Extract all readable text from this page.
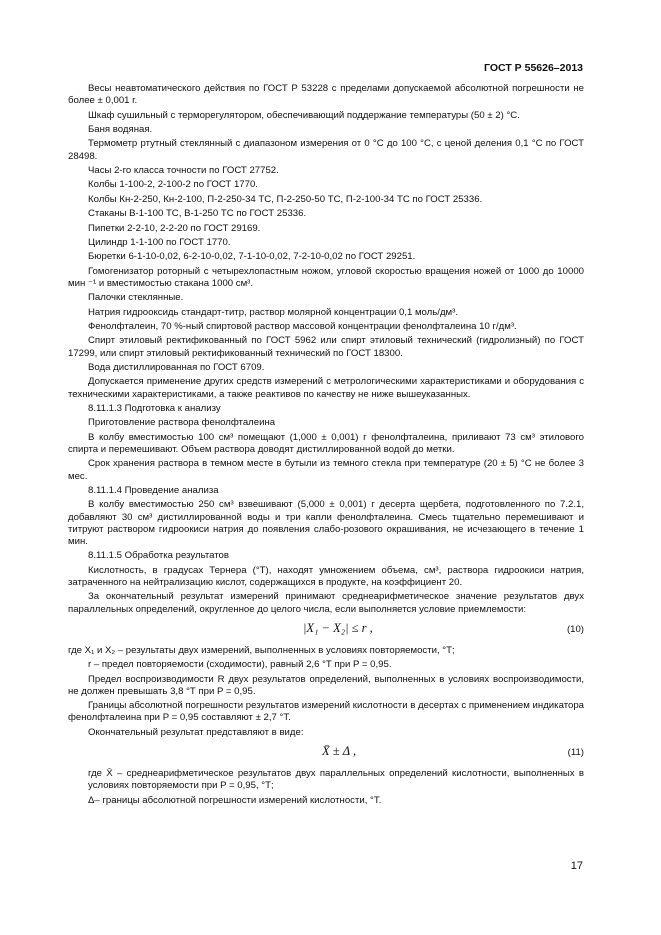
ГОСТ Р 55626–2013

Весы неавтоматического действия по ГОСТ Р 53228 с пределами допускаемой абсолютной погрешности не более ± 0,001 г.

Шкаф сушильный с терморегулятором, обеспечивающий поддержание температуры (50 ± 2) °С.

Баня водяная.

Термометр ртутный стеклянный с диапазоном измерения от 0 °С до 100 °С, с ценой деления 0,1 °С по ГОСТ 28498.

Часы 2-го класса точности по ГОСТ 27752.

Колбы 1-100-2, 2-100-2 по ГОСТ 1770.

Колбы Кн-2-250, Кн-2-100, П-2-250-34 ТС, П-2-250-50 ТС, П-2-100-34 ТС по ГОСТ 25336.

Стаканы В-1-100 ТС, В-1-250 ТС по ГОСТ 25336.

Пипетки 2-2-10, 2-2-20 по ГОСТ 29169.

Цилиндр 1-1-100 по ГОСТ 1770.

Бюретки 6-1-10-0,02, 6-2-10-0,02, 7-1-10-0,02, 7-2-10-0,02 по ГОСТ 29251.

Гомогенизатор роторный с четырехлопастным ножом, угловой скоростью вращения ножей от 1000 до 10000 мин ⁻¹ и вместимостью стакана 1000 см³.

Палочки стеклянные.

Натрия гидрооксидь стандарт-титр, раствор молярной концентрации 0,1 моль/дм³.

Фенолфталеин, 70 %-ный спиртовой раствор массовой концентрации фенолфталеина 10 г/дм³.

Спирт этиловый ректификованный по ГОСТ 5962 или спирт этиловый технический (гидролизный) по ГОСТ 17299, или спирт этиловый ректификованный технический по ГОСТ 18300.

Вода дистиллированная по ГОСТ 6709.

Допускается применение других средств измерений с метрологическими характеристиками и оборудования с техническими характеристиками, а также реактивов по качеству не ниже вышеуказанных.

8.11.1.3 Подготовка к анализу

Приготовление раствора фенолфталеина

В колбу вместимостью 100 см³ помещают (1,000 ± 0,001) г фенолфталеина, приливают 73 см³ этилового спирта и перемешивают. Объем раствора доводят дистиллированной водой до метки.

Срок хранения раствора в темном месте в бутыли из темного стекла при температуре (20 ± 5) °С не более 3 мес.

8.11.1.4 Проведение анализа

В колбу вместимостью 250 см³ взвешивают (5,000 ± 0,001) г десерта щербета, подготовленного по 7.2.1, добавляют 30 см³ дистиллированной воды и три капли фенолфталеина. Смесь тщательно перемешивают и титруют раствором гидроокиси натрия до появления слабо-розового окрашивания, не исчезающего в течение 1 мин.

8.11.1.5 Обработка результатов

Кислотность, в градусах Тернера (°Т), находят умножением объема, см³, раствора гидроокиси натрия, затраченного на нейтрализацию кислот, содержащихся в продукте, на коэффициент 20.

За окончательный результат измерений принимают среднеарифметическое значение результатов двух параллельных определений, округленное до целого числа, если выполняется условие приемлемости:

|X₁ − X₂| ≤ r ,	(10)

где X₁ и X₂ – результаты двух измерений, выполненных в условиях повторяемости, °Т;

r – предел повторяемости (сходимости), равный 2,6 °Т при P = 0,95.

Предел воспроизводимости R двух результатов определений, выполненных в условиях воспроизводимости, не должен превышать 3,8 °Т при P = 0,95.

Границы абсолютной погрешности результатов измерений кислотности в десертах с применением индикатора фенолфталеина при P = 0,95 составляют ± 2,7 °Т.

Окончательный результат представляют в виде:

X̄ ± Δ ,	(11)

где X̄ – среднеарифметическое результатов двух параллельных определений кислотности, выполненных в условиях повторяемости при P = 0,95, °Т;

Δ– границы абсолютной погрешности измерений кислотности, °Т.

17
